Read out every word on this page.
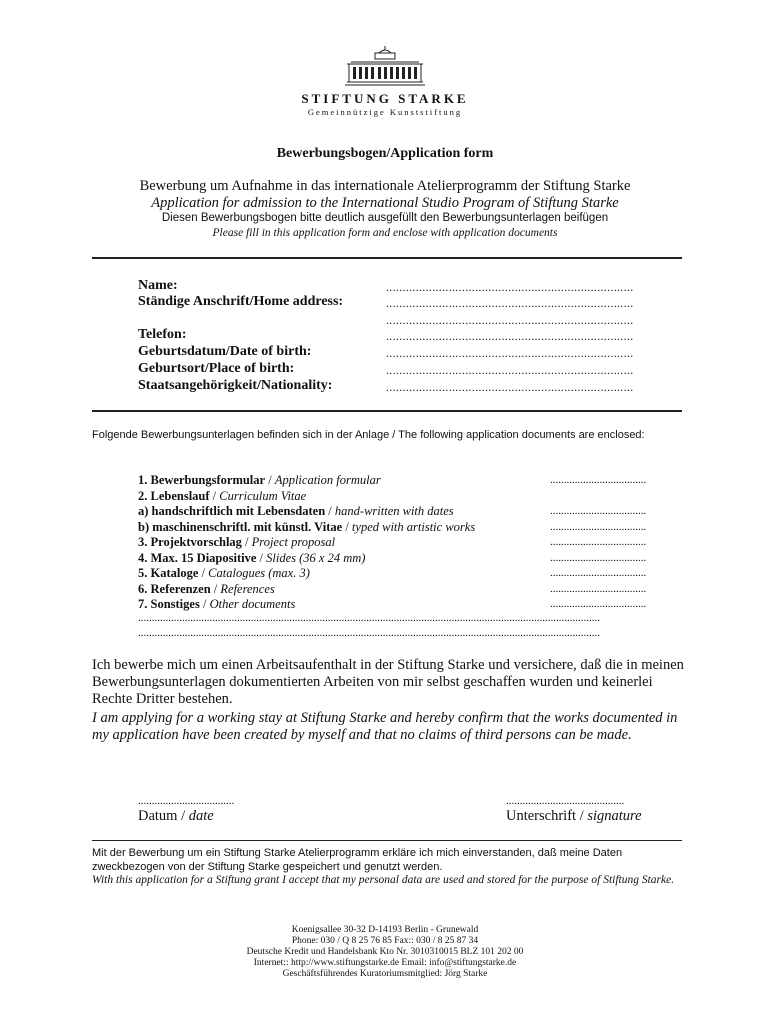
STIFTUNG STARKE
Gemeinnützige Kunststiftung
Bewerbungsbogen/Application form
Bewerbung um Aufnahme in das internationale Atelierprogramm der Stiftung Starke
Application for admission to the International Studio Program of Stiftung Starke
Diesen Bewerbungsbogen bitte deutlich ausgefüllt den Bewerbungsunterlagen beifügen
Please fill in this application form and enclose with application documents
Name:	...........................................................................
Ständige Anschrift/Home address:	...........................................................................
...........................................................................
Telefon:	...........................................................................
Geburtsdatum/Date of birth:	...........................................................................
Geburtsort/Place of birth:	...........................................................................
Staatsangehörigkeit/Nationality:	...........................................................................
Folgende Bewerbungsunterlagen befinden sich in der Anlage / The following application documents are enclosed:
1. Bewerbungsformular / Application formular	...................................
2. Lebenslauf / Curriculum Vitae
a) handschriftlich mit Lebensdaten / hand-written with dates	...................................
b) maschinenschriftl. mit künstl. Vitae / typed with artistic works	...................................
3. Projektvorschlag / Project proposal	...................................
4. Max. 15 Diapositive / Slides (36 x 24 mm)	...................................
5. Kataloge / Catalogues (max. 3)	...................................
6. Referenzen / References	...................................
7. Sonstiges / Other documents	...................................
........................................................................................................................................................................
........................................................................................................................................................................
Ich bewerbe mich um einen Arbeitsaufenthalt in der Stiftung Starke und versichere, daß die in meinen Bewerbungsunterlagen dokumentierten Arbeiten von mir selbst geschaffen wurden und keinerlei Rechte Dritter bestehen.
I am applying for a working stay at Stiftung Starke and hereby confirm that the works documented in my application have been created by myself and that no claims of third persons can be made.
...................................
Datum / date
...........................................
Unterschrift / signature
Mit der Bewerbung um ein Stiftung Starke Atelierprogramm erkläre ich mich einverstanden, daß meine Daten zweckbezogen von der Stiftung Starke gespeichert und genutzt werden.
With this application for a Stiftung grant I accept that my personal data are used and stored for the purpose of Stiftung Starke.
Koenigsallee 30-32 D-14193 Berlin - Grunewald
Phone: 030 / Q 8 25 76 85 Fax:: 030 / 8 25 87 34
Deutsche Kredit und Handelsbank Kto Nr. 3010310015 BLZ 101 202 00
Internet:: http://www.stiftungstarke.de Email: info@stiftungstarke.de
Geschäftsführendes Kuratoriumsmitglied: Jörg Starke
